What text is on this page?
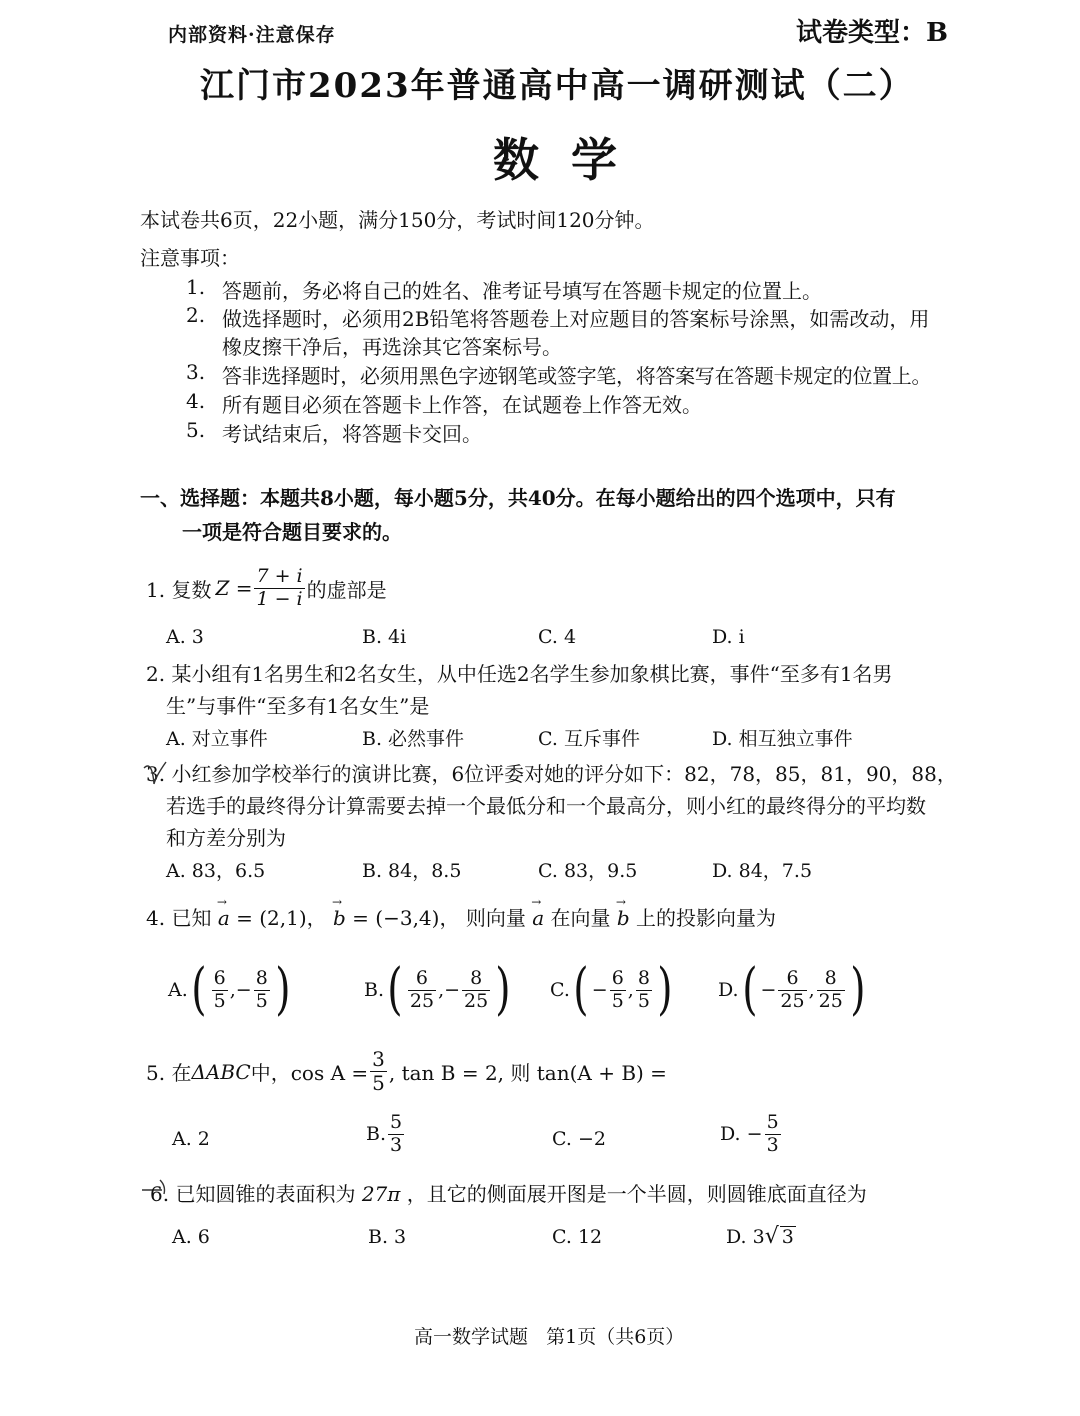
内部资料·注意保存	试卷类型：B
江门市2023年普通高中高一调研测试（二）
数  学
本试卷共6页，22小题，满分150分，考试时间120分钟。
注意事项：
1. 答题前，务必将自己的姓名、准考证号填写在答题卡规定的位置上。
2. 做选择题时，必须用2B铅笔将答题卷上对应题目的答案标号涂黑，如需改动，用
橡皮擦干净后，再选涂其它答案标号。
3. 答非选择题时，必须用黑色字迹钢笔或签字笔，将答案写在答题卡规定的位置上。
4. 所有题目必须在答题卡上作答，在试题卷上作答无效。
5. 考试结束后，将答题卡交回。
一、选择题：本题共8小题，每小题5分，共40分。在每小题给出的四个选项中，只有
一项是符合题目要求的。
1. 复数 $Z = \frac{7 + i}{1 - i}$ 的虚部是
A. 3	B. 4i	C. 4	D. i
2. 某小组有1名男生和2名女生，从中任选2名学生参加象棋比赛，事件“至多有1名男
生”与事件“至多有1名女生”是
A. 对立事件	B. 必然事件	C. 互斥事件	D. 相互独立事件
3. 小红参加学校举行的演讲比赛，6位评委对她的评分如下：82，78，85，81，90，88，
若选手的最终得分计算需要去掉一个最低分和一个最高分，则小红的最终得分的平均数
和方差分别为
A. 83，6.5	B. 84，8.5	C. 83，9.5	D. 84，7.5
4. 已知 → a = (2,1)， → b = (−3,4)， 则向量 → a 在向量 → b 上的投影向量为
A. ( $\frac{6}{5}$ ,− $\frac{8}{5}$ )	B. ( $\frac{6}{25}$ ,− $\frac{8}{25}$ ) C. ( − $\frac{6}{5}$ , $\frac{8}{5}$ ) D. ( − $\frac{6}{25}$ , $\frac{8}{25}$ )
5. 在 ΔABC 中，$\cos A = \frac{3}{5}$ , tan B = 2, 则 tan(A + B) =
A. 2	B. $\frac{5}{3}$	C. −2	D. − $\frac{5}{3}$
6. 已知圆锥的表面积为 27π ，且它的侧面展开图是一个半圆，则圆锥底面直径为
A. 6	B. 3	C. 12	D. 3√ 3
高一数学试题   第1页（共6页）
